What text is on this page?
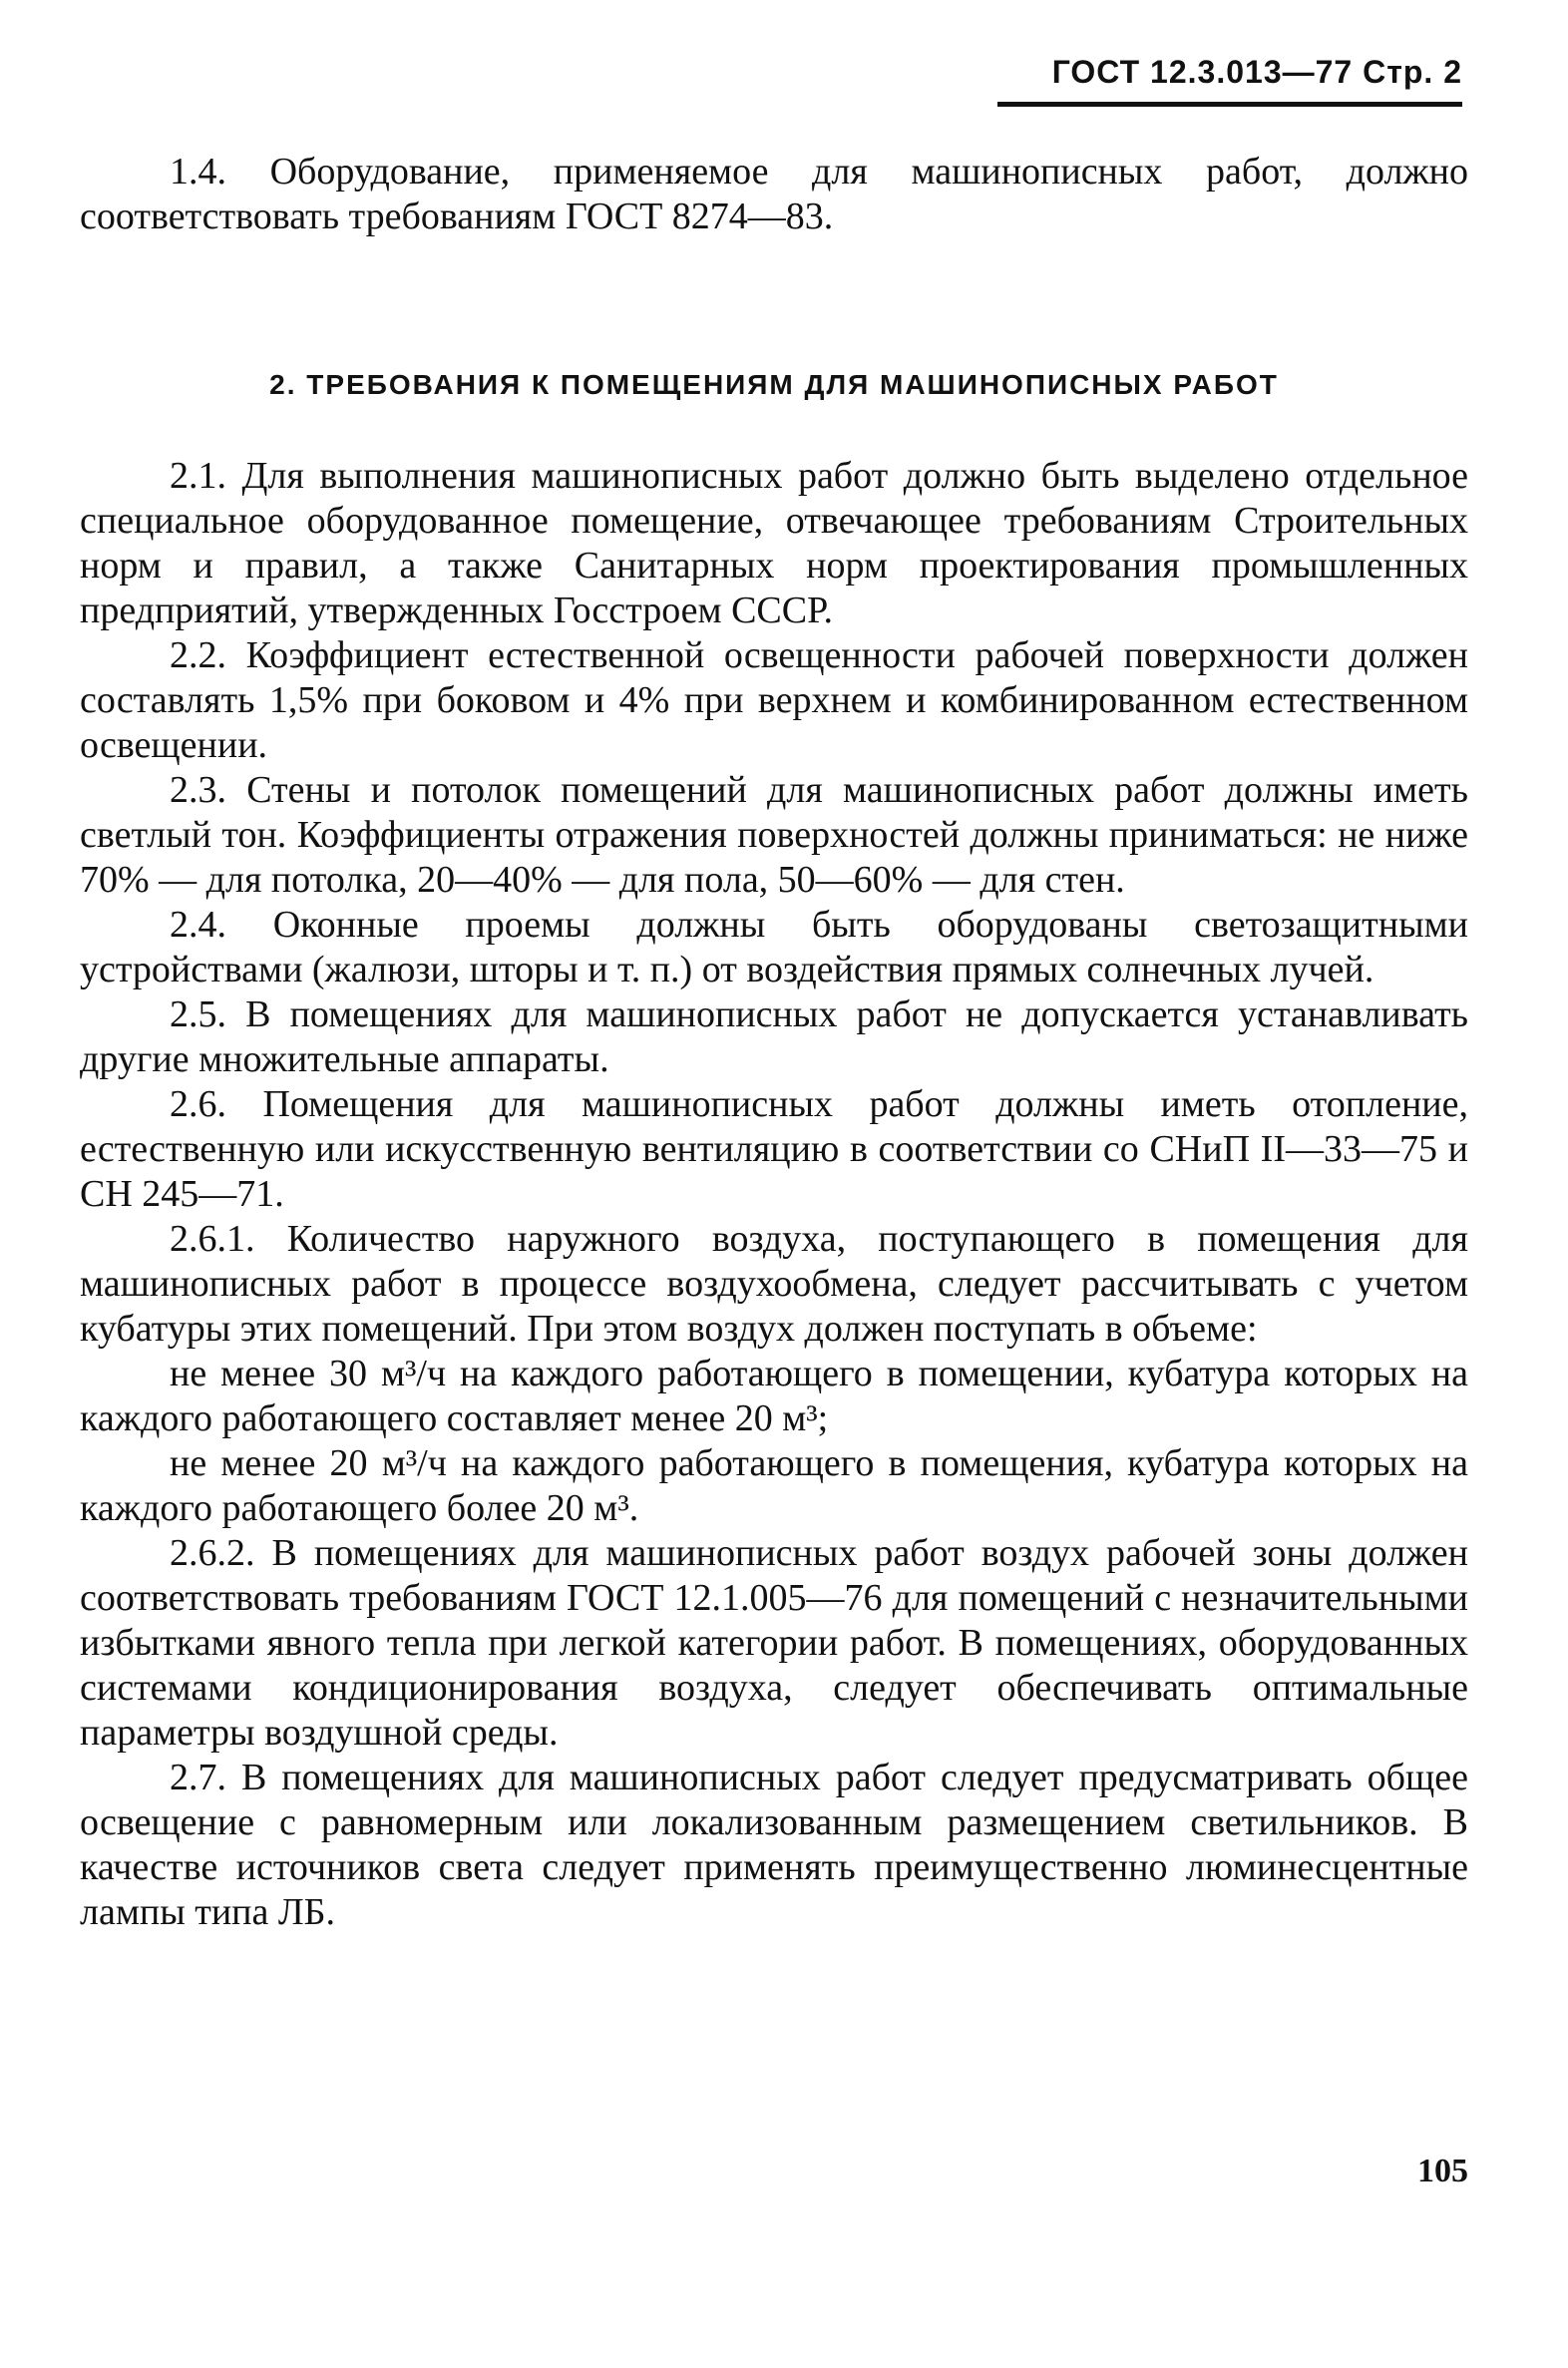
ГОСТ 12.3.013—77 Стр. 2

1.4. Оборудование, применяемое для машинописных работ, должно соответствовать требованиям ГОСТ 8274—83.

2. ТРЕБОВАНИЯ К ПОМЕЩЕНИЯМ ДЛЯ МАШИНОПИСНЫХ РАБОТ

2.1. Для выполнения машинописных работ должно быть выделено отдельное специальное оборудованное помещение, отвечающее требованиям Строительных норм и правил, а также Санитарных норм проектирования промышленных предприятий, утвержденных Госстроем СССР.

2.2. Коэффициент естественной освещенности рабочей поверхности должен составлять 1,5% при боковом и 4% при верхнем и комбинированном естественном освещении.

2.3. Стены и потолок помещений для машинописных работ должны иметь светлый тон. Коэффициенты отражения поверхностей должны приниматься: не ниже 70% — для потолка, 20—40% — для пола, 50—60% — для стен.

2.4. Оконные проемы должны быть оборудованы светозащитными устройствами (жалюзи, шторы и т. п.) от воздействия прямых солнечных лучей.

2.5. В помещениях для машинописных работ не допускается устанавливать другие множительные аппараты.

2.6. Помещения для машинописных работ должны иметь отопление, естественную или искусственную вентиляцию в соответствии со СНиП II—33—75 и СН 245—71.

2.6.1. Количество наружного воздуха, поступающего в помещения для машинописных работ в процессе воздухообмена, следует рассчитывать с учетом кубатуры этих помещений. При этом воздух должен поступать в объеме:

не менее 30 м³/ч на каждого работающего в помещении, кубатура которых на каждого работающего составляет менее 20 м³;

не менее 20 м³/ч на каждого работающего в помещения, кубатура которых на каждого работающего более 20 м³.

2.6.2. В помещениях для машинописных работ воздух рабочей зоны должен соответствовать требованиям ГОСТ 12.1.005—76 для помещений с незначительными избытками явного тепла при легкой категории работ. В помещениях, оборудованных системами кондиционирования воздуха, следует обеспечивать оптимальные параметры воздушной среды.

2.7. В помещениях для машинописных работ следует предусматривать общее освещение с равномерным или локализованным размещением светильников. В качестве источников света следует применять преимущественно люминесцентные лампы типа ЛБ.

105
